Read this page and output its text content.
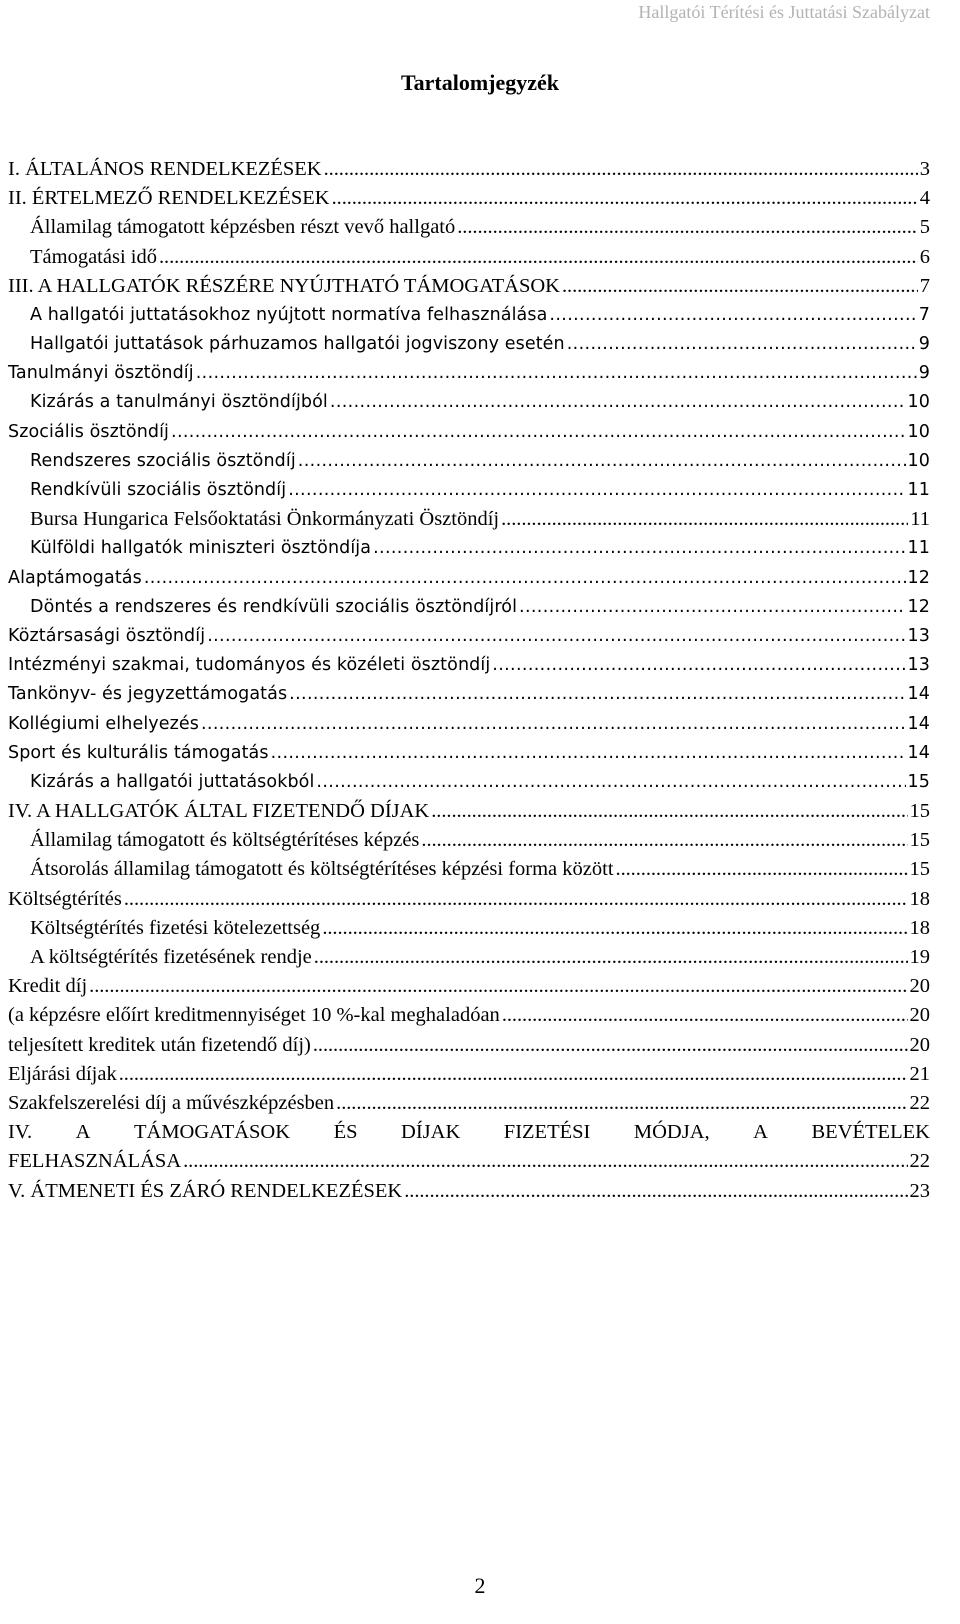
Hallgatói Térítési és Juttatási Szabályzat
Tartalomjegyzék
I. ÁLTALÁNOS RENDELKEZÉSEK . . .	3
II. ÉRTELMEZŐ RENDELKEZÉSEK . . .	4
Államilag támogatott képzésben részt vevő hallgató . . .	5
Támogatási idő . . .	6
III. A HALLGATÓK RÉSZÉRE NYÚJTHATÓ TÁMOGATÁSOK . . .	7
A hallgatói juttatásokhoz nyújtott normatíva felhasználása . . .	7
Hallgatói juttatások párhuzamos hallgatói jogviszony esetén . . .	9
Tanulmányi ösztöndíj . . .	9
Kizárás a tanulmányi ösztöndíjból . . .	10
Szociális ösztöndíj . . .	10
Rendszeres szociális ösztöndíj . . .	10
Rendkívüli szociális ösztöndíj . . .	11
Bursa Hungarica Felsőoktatási Önkormányzati Ösztöndíj . . .	11
Külföldi hallgatók miniszteri ösztöndíja . . .	11
Alaptámogatás . . .	12
Döntés a rendszeres és rendkívüli szociális ösztöndíjról . . .	12
Köztársasági ösztöndíj . . .	13
Intézményi szakmai, tudományos és közéleti ösztöndíj . . .	13
Tankönyv- és jegyzettámogatás . . .	14
Kollégiumi elhelyezés . . .	14
Sport és kulturális támogatás . . .	14
Kizárás a hallgatói juttatásokból . . .	15
IV. A HALLGATÓK ÁLTAL FIZETENDŐ DÍJAK . . .	15
Államilag támogatott és költségtérítéses képzés . . .	15
Átsorolás államilag támogatott és költségtérítéses képzési forma között . . .	15
Költségtérítés . . .	18
Költségtérítés fizetési kötelezettség . . .	18
A költségtérítés fizetésének rendje . . .	19
Kredit díj . . .	20
(a képzésre előírt kreditmennyiséget 10 %-kal meghaladóan . . .	20
teljesített kreditek után fizetendő díj) . . .	20
Eljárási díjak . . .	21
Szakfelszerelési díj a művészképzésben . . .	22
IV. A TÁMOGATÁSOK ÉS DÍJAK FIZETÉSI MÓDJA, A BEVÉTELEK
FELHASZNÁLÁSA . . .	22
V. ÁTMENETI ÉS ZÁRÓ RENDELKEZÉSEK . . .	23
2
